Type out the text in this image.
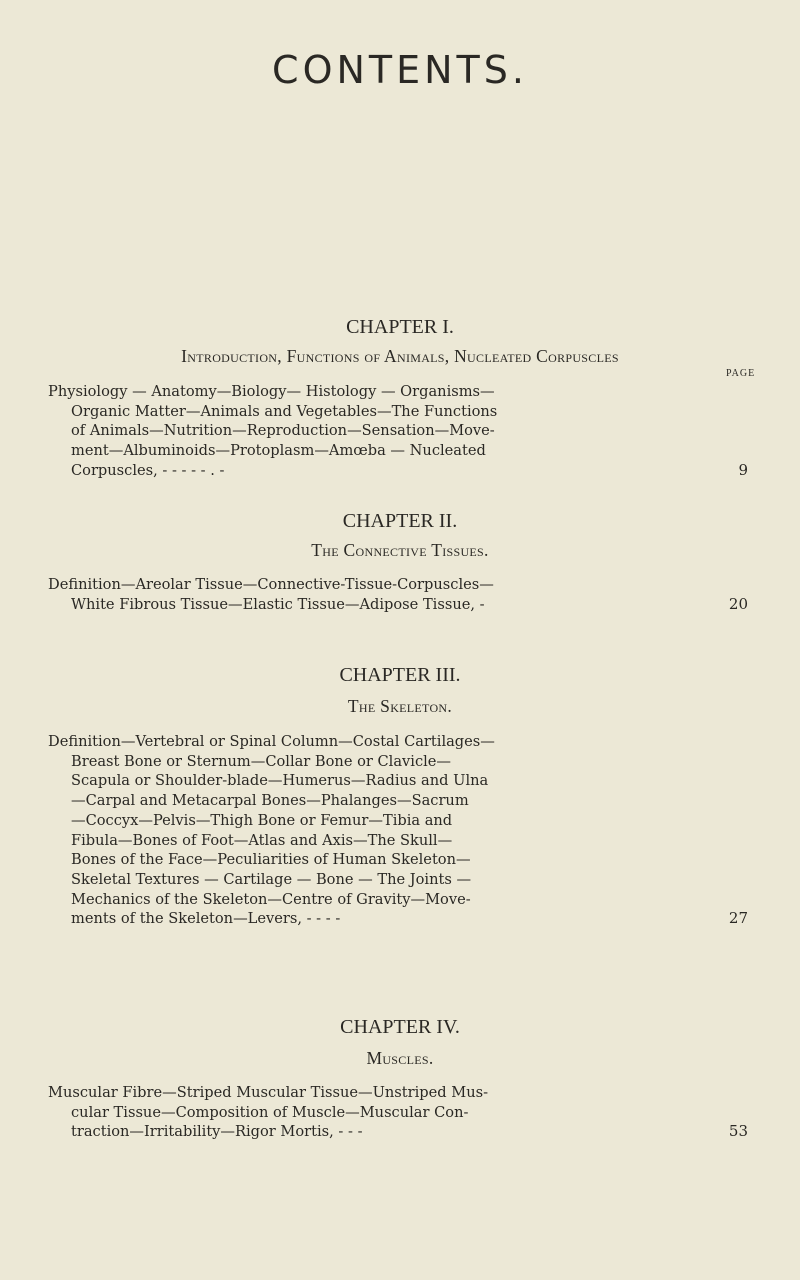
CONTENTS.
CHAPTER I.
Introduction, Functions of Animals, Nucleated Corpuscles
PAGE
Physiology — Anatomy—Biology— Histology — Organisms—
Organic Matter—Animals and Vegetables—The Functions
of Animals—Nutrition—Reproduction—Sensation—Move-
ment—Albuminoids—Protoplasm—Amœba — Nucleated
Corpuscles, - - - - - . -	9
CHAPTER II.
The Connective Tissues.
Definition—Areolar Tissue—Connective-Tissue-Corpuscles—
White Fibrous Tissue—Elastic Tissue—Adipose Tissue, -	20
CHAPTER III.
The Skeleton.
Definition—Vertebral or Spinal Column—Costal Cartilages—
Breast Bone or Sternum—Collar Bone or Clavicle—
Scapula or Shoulder-blade—Humerus—Radius and Ulna
—Carpal and Metacarpal Bones—Phalanges—Sacrum
—Coccyx—Pelvis—Thigh Bone or Femur—Tibia and
Fibula—Bones of Foot—Atlas and Axis—The Skull—
Bones of the Face—Peculiarities of Human Skeleton—
Skeletal Textures — Cartilage — Bone — The Joints —
Mechanics of the Skeleton—Centre of Gravity—Move-
ments of the Skeleton—Levers, - - - -	27
CHAPTER IV.
Muscles.
Muscular Fibre—Striped Muscular Tissue—Unstriped Mus-
cular Tissue—Composition of Muscle—Muscular Con-
traction—Irritability—Rigor Mortis, - - -	53
